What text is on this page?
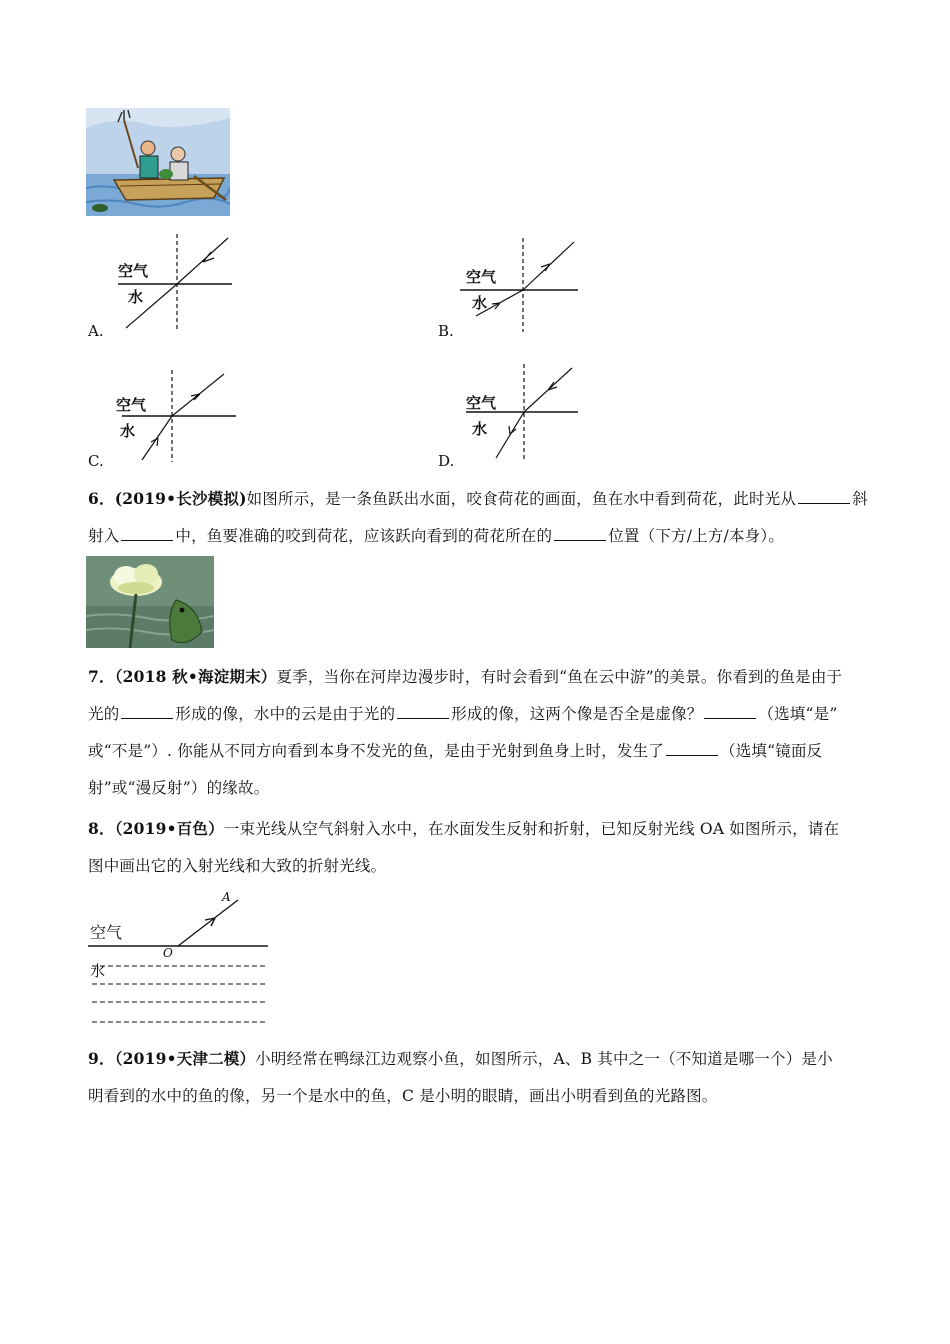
空气
水
A.
空气
水
B.
空气
水
C.
空气
水
D.
6．(2019•长沙模拟)如图所示，是一条鱼跃出水面，咬食荷花的画面，鱼在水中看到荷花，此时光从	斜
射入	中，鱼要准确的咬到荷花，应该跃向看到的荷花所在的	位置（下方/上方/本身）。
7．（2018 秋•海淀期末）夏季，当你在河岸边漫步时，有时会看到“鱼在云中游”的美景。你看到的鱼是由于
光的	形成的像，水中的云是由于光的	形成的像，这两个像是否全是虚像？	（选填“是”
或“不是”）. 你能从不同方向看到本身不发光的鱼，是由于光射到鱼身上时，发生了	（选填“镜面反
射”或“漫反射”）的缘故。
8．（2019•百色）一束光线从空气斜射入水中，在水面发生反射和折射，已知反射光线 OA 如图所示，请在
图中画出它的入射光线和大致的折射光线。
空气
水
O
A
9．（2019•天津二模）小明经常在鸭绿江边观察小鱼，如图所示，A、B 其中之一（不知道是哪一个）是小
明看到的水中的鱼的像，另一个是水中的鱼，C 是小明的眼睛，画出小明看到鱼的光路图。
